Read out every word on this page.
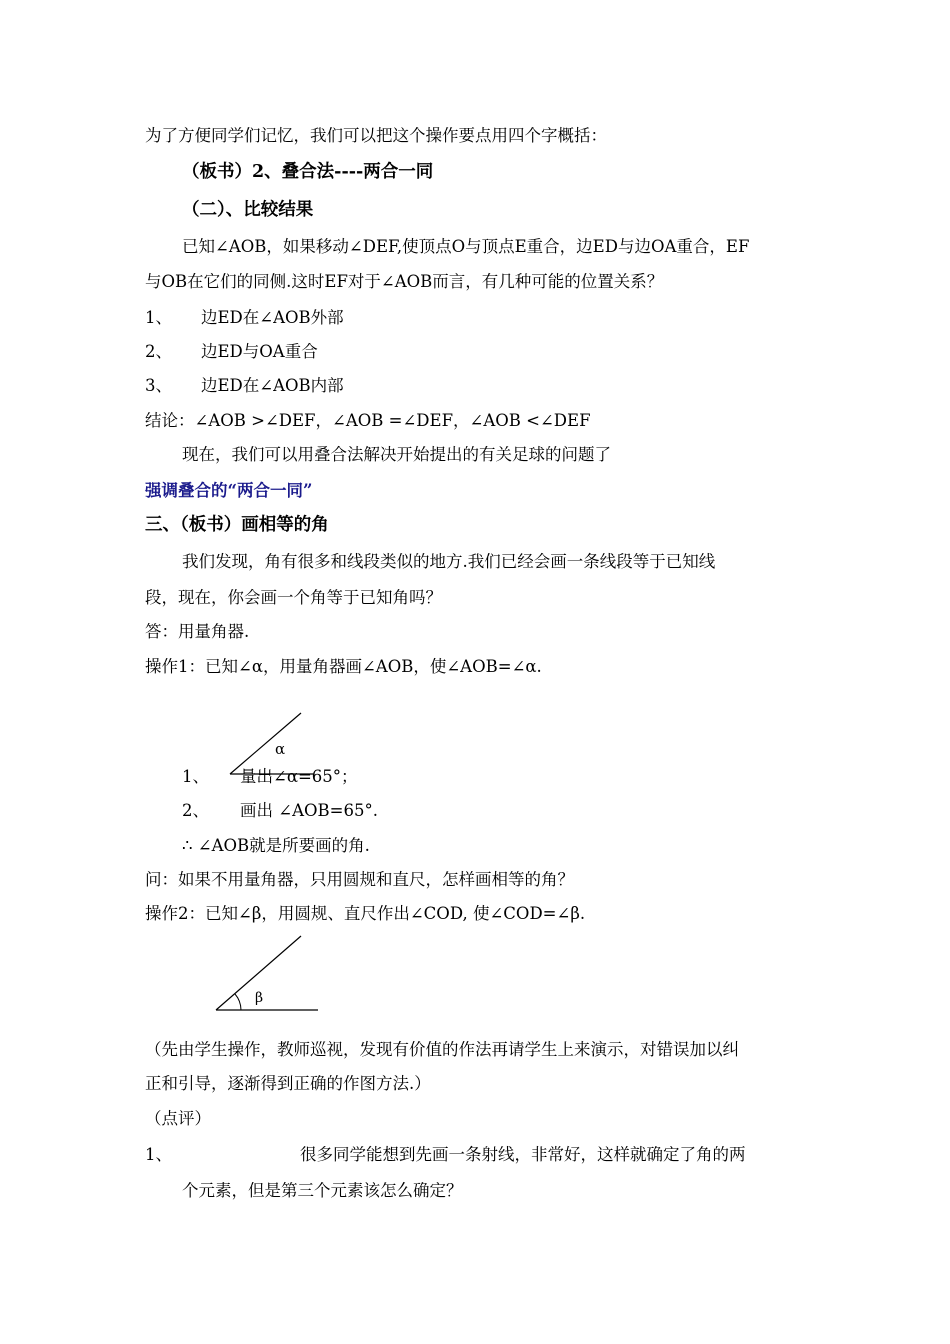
为了方便同学们记忆，我们可以把这个操作要点用四个字概括：
（板书）2、叠合法----两合一同
（二）、比较结果
已知∠AOB，如果移动∠DEF,使顶点O与顶点E重合，边ED与边OA重合，EF
与OB在它们的同侧.这时EF对于∠AOB而言，有几种可能的位置关系？
1、 边ED在∠AOB外部
2、 边ED与OA重合
3、 边ED在∠AOB内部
结论：∠AOB >∠DEF，∠AOB =∠DEF，∠AOB <∠DEF
现在，我们可以用叠合法解决开始提出的有关足球的问题了
强调叠合的“两合一同”
三、（板书）画相等的角
我们发现，角有很多和线段类似的地方.我们已经会画一条线段等于已知线
段，现在，你会画一个角等于已知角吗？
答：用量角器.
操作1：已知∠α，用量角器画∠AOB，使∠AOB=∠α.
α
1、 量出∠α=65°；
2、 画出 ∠AOB=65°.
∴ ∠AOB就是所要画的角.
问：如果不用量角器，只用圆规和直尺，怎样画相等的角？
操作2：已知∠β，用圆规、直尺作出∠COD, 使∠COD=∠β.
β
（先由学生操作，教师巡视，发现有价值的作法再请学生上来演示，对错误加以纠
正和引导，逐渐得到正确的作图方法.）
（点评）
1、	很多同学能想到先画一条射线，非常好，这样就确定了角的两
个元素，但是第三个元素该怎么确定？
